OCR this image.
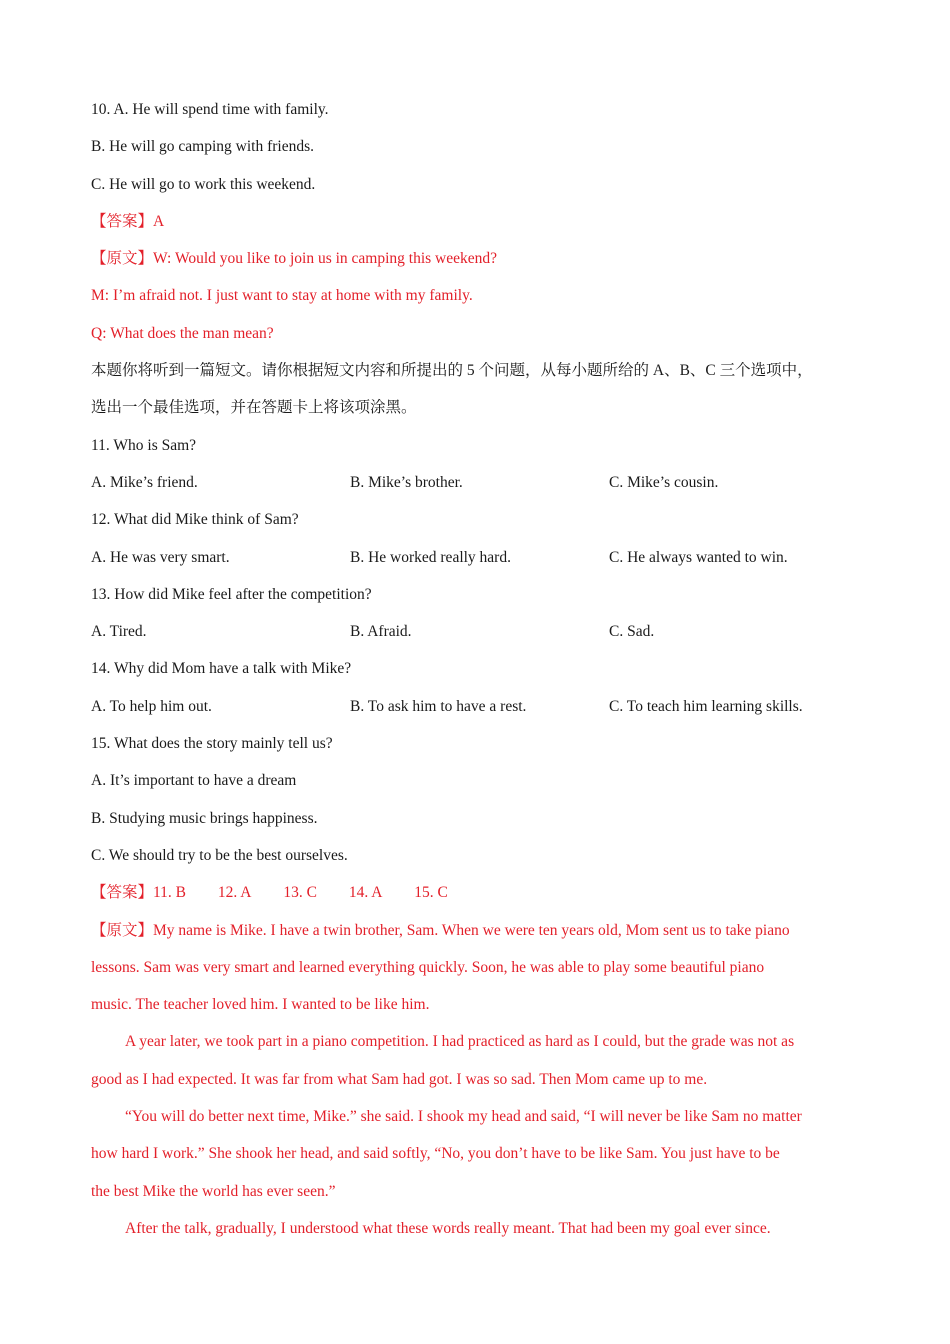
10. A. He will spend time with family.
B. He will go camping with friends.
C. He will go to work this weekend.
【答案】A
【原文】W: Would you like to join us in camping this weekend?
M: I’m afraid not. I just want to stay at home with my family.
Q: What does the man mean?
本题你将听到一篇短文。请你根据短文内容和所提出的 5 个问题，从每小题所给的 A、B、C 三个选项中，
选出一个最佳选项，并在答题卡上将该项涂黑。
11. Who is Sam?
A. Mike’s friend.	B. Mike’s brother.	C. Mike’s cousin.
12. What did Mike think of Sam?
A. He was very smart.	B. He worked really hard.	C. He always wanted to win.
13. How did Mike feel after the competition?
A. Tired.	B. Afraid.	C. Sad.
14. Why did Mom have a talk with Mike?
A. To help him out.	B. To ask him to have a rest.	C. To teach him learning skills.
15. What does the story mainly tell us?
A. It’s important to have a dream
B. Studying music brings happiness.
C. We should try to be the best ourselves.
【答案】11. B 12. A 13. C 14. A 15. C
【原文】My name is Mike. I have a twin brother, Sam. When we were ten years old, Mom sent us to take piano
lessons. Sam was very smart and learned everything quickly. Soon, he was able to play some beautiful piano
music. The teacher loved him. I wanted to be like him.
A year later, we took part in a piano competition. I had practiced as hard as I could, but the grade was not as
good as I had expected. It was far from what Sam had got. I was so sad. Then Mom came up to me.
“You will do better next time, Mike.” she said. I shook my head and said, “I will never be like Sam no matter
how hard I work.” She shook her head, and said softly, “No, you don’t have to be like Sam. You just have to be
the best Mike the world has ever seen.”
After the talk, gradually, I understood what these words really meant. That had been my goal ever since.
